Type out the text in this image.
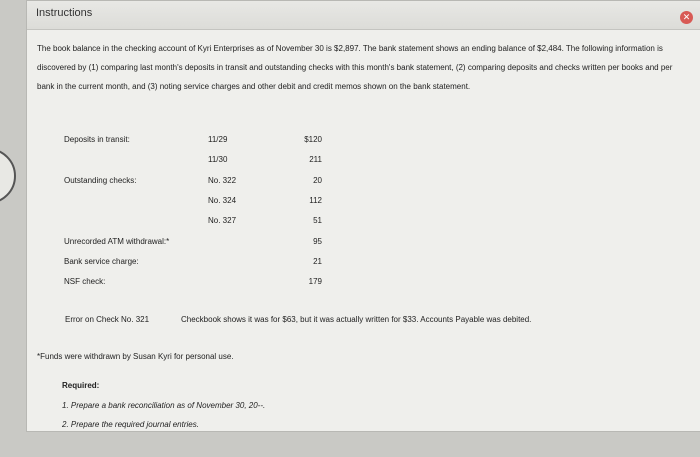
Instructions	✕

The book balance in the checking account of Kyri Enterprises as of November 30 is $2,897. The bank statement shows an ending balance of $2,484. The following information is discovered by (1) comparing last month's deposits in transit and outstanding checks with this month's bank statement, (2) comparing deposits and checks written per books and per bank in the current month, and (3) noting service charges and other debit and credit memos shown on the bank statement.

Deposits in transit:	11/29	$120
11/30	211
Outstanding checks:	No. 322	20
No. 324	112
No. 327	51
Unrecorded ATM withdrawal:*	95
Bank service charge:	21
NSF check:	179
Error on Check No. 321	Checkbook shows it was for $63, but it was actually written for $33. Accounts Payable was debited.
*Funds were withdrawn by Susan Kyri for personal use.
Required:
1. Prepare a bank reconciliation as of November 30, 20--.
2. Prepare the required journal entries.
